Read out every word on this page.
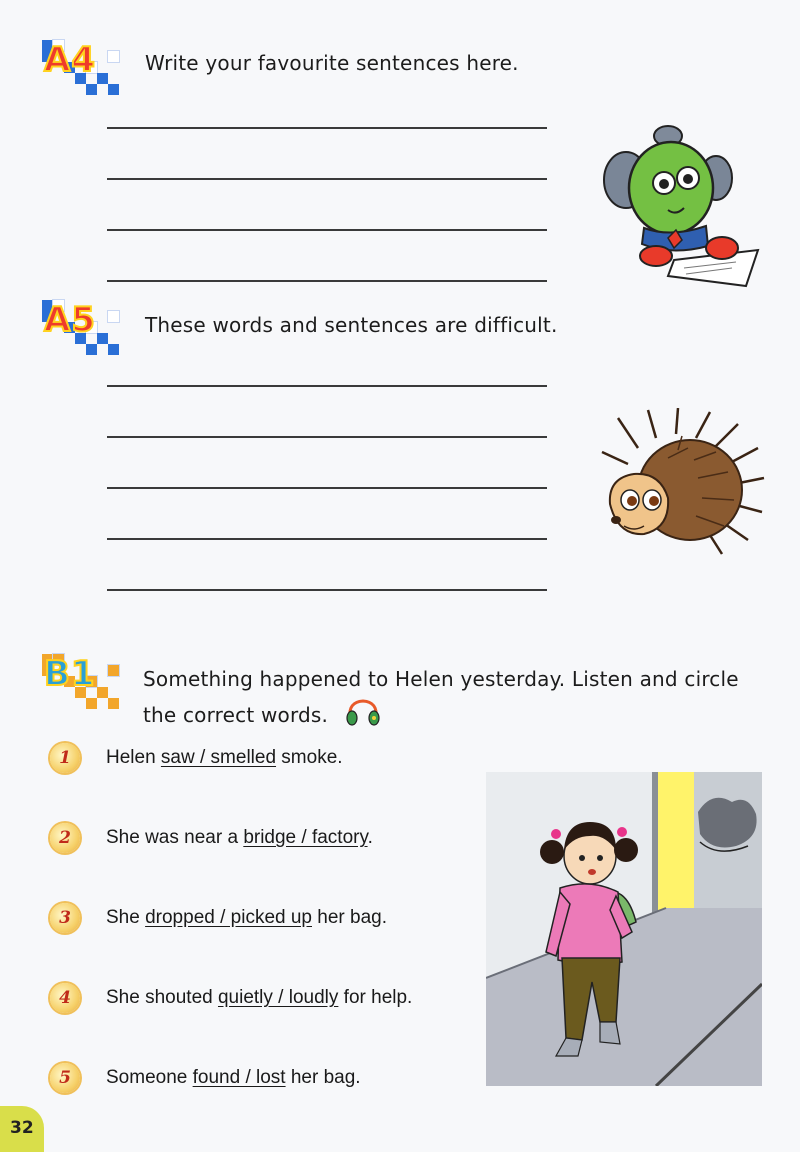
A4 Write your favourite sentences here.
A5 These words and sentences are difficult.
B1 Something happened to Helen yesterday. Listen and circle
the correct words.
1	Helen saw / smelled smoke.
2	She was near a bridge / factory.
3	She dropped / picked up her bag.
4	She shouted quietly / loudly for help.
5	Someone found / lost her bag.
32
